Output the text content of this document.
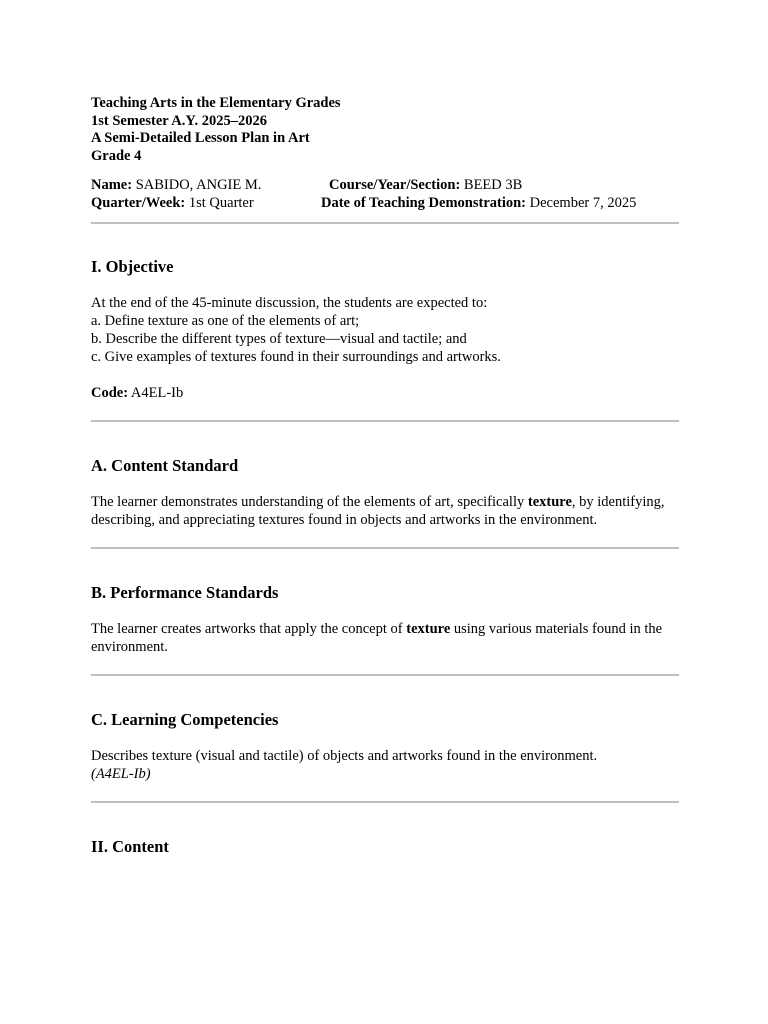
Teaching Arts in the Elementary Grades
1st Semester A.Y. 2025–2026
A Semi-Detailed Lesson Plan in Art
Grade 4
Name: SABIDO, ANGIE M.	Course/Year/Section: BEED 3B
Quarter/Week: 1st Quarter	Date of Teaching Demonstration: December 7, 2025
I. Objective
At the end of the 45-minute discussion, the students are expected to:
a. Define texture as one of the elements of art;
b. Describe the different types of texture—visual and tactile; and
c. Give examples of textures found in their surroundings and artworks.
Code: A4EL-Ib
A. Content Standard
The learner demonstrates understanding of the elements of art, specifically texture, by identifying, describing, and appreciating textures found in objects and artworks in the environment.
B. Performance Standards
The learner creates artworks that apply the concept of texture using various materials found in the environment.
C. Learning Competencies
Describes texture (visual and tactile) of objects and artworks found in the environment.
(A4EL-Ib)
II. Content
